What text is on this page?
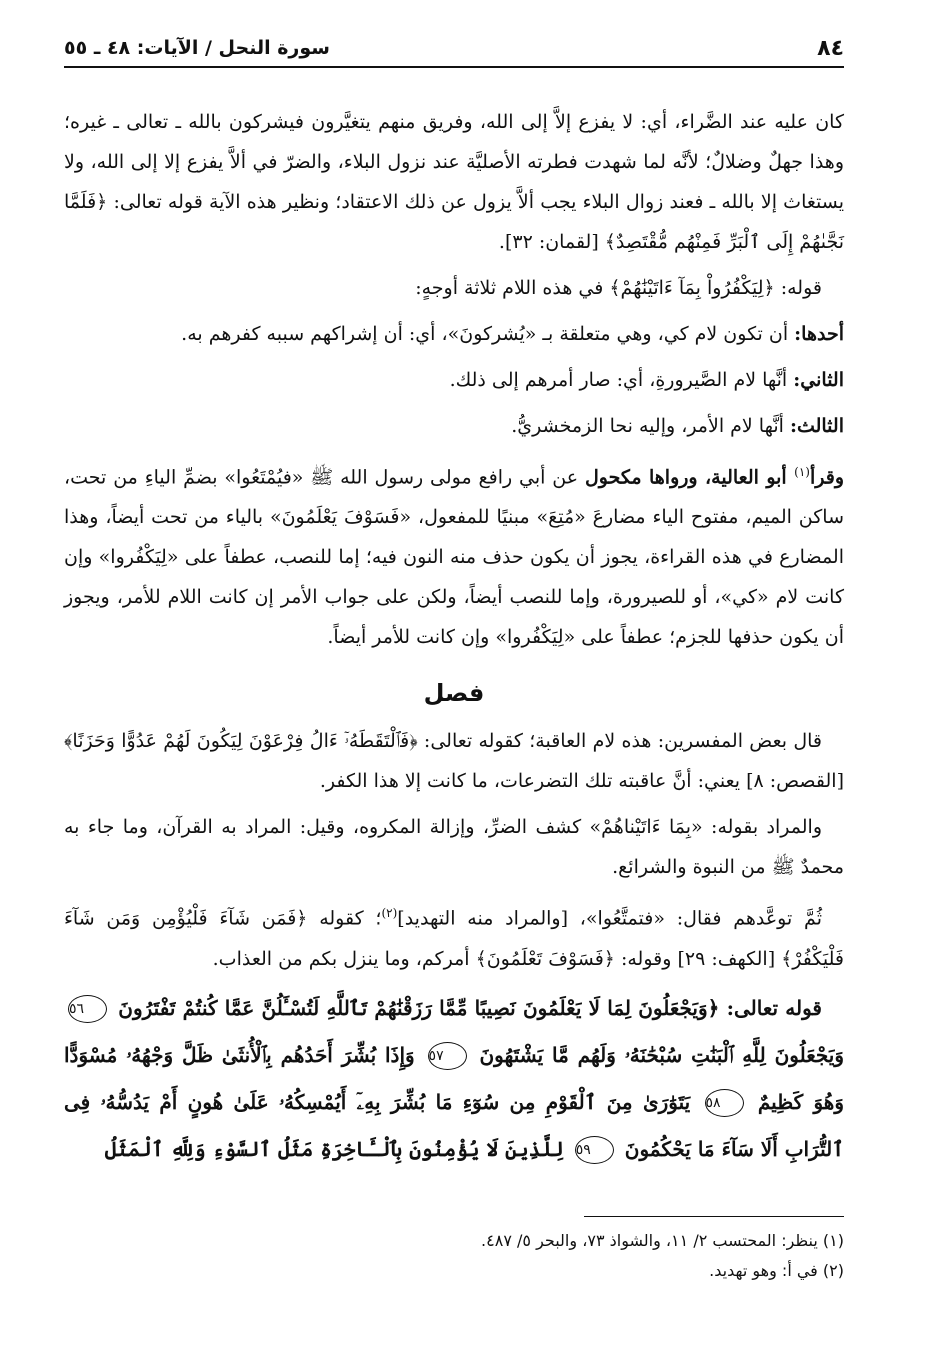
٨٤
سورة النحل / الآيات: ٤٨ ـ ٥٥

كان عليه عند الضَّراء، أي: لا يفزع إلاَّ إلى الله، وفريق منهم يتغيَّرون فيشركون بالله ـ تعالى ـ غيره؛ وهذا جهلٌ وضلالٌ؛ لأنَّه لما شهدت فطرته الأصليَّة عند نزول البلاء، والضرّ في ألاَّ يفزع إلا إلى الله، ولا يستغاث إلا بالله ـ فعند زوال البلاء يجب ألاَّ يزول عن ذلك الاعتقاد؛ ونظير هذه الآية قوله تعالى: ﴿فَلَمَّا نَجَّىٰهُمْ إِلَى ٱلْبَرِّ فَمِنْهُم مُّقْتَصِدٌ﴾ [لقمان: ٣٢].

قوله: ﴿لِيَكْفُرُواْ بِمَآ ءَاتَيْنَٰهُمْ﴾ في هذه اللام ثلاثة أوجهٍ:

أحدها: أن تكون لام كي، وهي متعلقة بـ «يُشركونَ»، أي: أن إشراكهم سببه كفرهم به.

الثاني: أنَّها لام الصَّيرورةِ، أي: صار أمرهم إلى ذلك.

الثالث: أنَّها لام الأمر، وإليه نحا الزمخشريُّ.

وقرأ$^{(١)}$ أبو العالية، ورواها مكحول عن أبي رافع مولى رسول الله ﷺ «فيُمْتَعُوا» بضمِّ الياءِ من تحت، ساكن الميم، مفتوح الياء مضارعَ «مُتِعَ» مبنيًا للمفعول، «فَسَوْفَ يَعْلَمُونَ» بالياء من تحت أيضاً، وهذا المضارع في هذه القراءة، يجوز أن يكون حذف منه النون فيه؛ إما للنصب، عطفاً على «لِيَكْفُروا» وإن كانت لام «كي»، أو للصيرورة، وإما للنصب أيضاً، ولكن على جواب الأمر إن كانت اللام للأمر، ويجوز أن يكون حذفها للجزم؛ عطفاً على «لِيَكْفُروا» وإن كانت للأمر أيضاً.

فصل

قال بعض المفسرين: هذه لام العاقبة؛ كقوله تعالى: ﴿فَٱلْتَقَطَهُۥٓ ءَالُ فِرْعَوْنَ لِيَكُونَ لَهُمْ عَدُوًّا وَحَزَنًا﴾ [القصص: ٨] يعني: أنَّ عاقبته تلك التضرعات، ما كانت إلا هذا الكفر.

والمراد بقوله: «بِمَا ءَاتَيْناهُمْ» كشف الضرِّ، وإزالة المكروه، وقيل: المراد به القرآن، وما جاء به محمدٌ ﷺ من النبوة والشرائع.

ثُمَّ توعَّدهم فقال: «فتمتَّعُوا»، [والمراد منه التهديد]$^{(٢)}$؛ كقوله ﴿فَمَن شَآءَ فَلْيُؤْمِن وَمَن شَآءَ فَلْيَكْفُرْ﴾ [الكهف: ٢٩] وقوله: ﴿فَسَوْفَ تَعْلَمُونَ﴾ أمركم، وما ينزل بكم من العذاب.

قوله تعالى: ﴿وَيَجْعَلُونَ لِمَا لَا يَعْلَمُونَ نَصِيبًا مِّمَّا رَزَقْنَٰهُمْ تَٱللَّهِ لَتُسْـَٔلُنَّ عَمَّا كُنتُمْ تَفْتَرُونَ ٥٦ وَيَجْعَلُونَ لِلَّهِ ٱلْبَنَٰتِ سُبْحَٰنَهُۥ وَلَهُم مَّا يَشْتَهُونَ ٥٧ وَإِذَا بُشِّرَ أَحَدُهُم بِٱلْأُنثَىٰ ظَلَّ وَجْهُهُۥ مُسْوَدًّا وَهُوَ كَظِيمٌ ٥٨ يَتَوَٰرَىٰ مِنَ ٱلْقَوْمِ مِن سُوٓءِ مَا بُشِّرَ بِهِۦٓ أَيُمْسِكُهُۥ عَلَىٰ هُونٍ أَمْ يَدُسُّهُۥ فِى ٱلتُّرَابِ أَلَا سَآءَ مَا يَحْكُمُونَ ٥٩ لِلَّذِينَ لَا يُؤْمِنُونَ بِٱلْـَٔاخِرَةِ مَثَلُ ٱلسَّوْءِ وَلِلَّهِ ٱلْمَثَلُ

(١) ينظر: المحتسب ٢/ ١١، والشواذ ٧٣، والبحر ٥/ ٤٨٧.
(٢) في أ: وهو تهديد.
